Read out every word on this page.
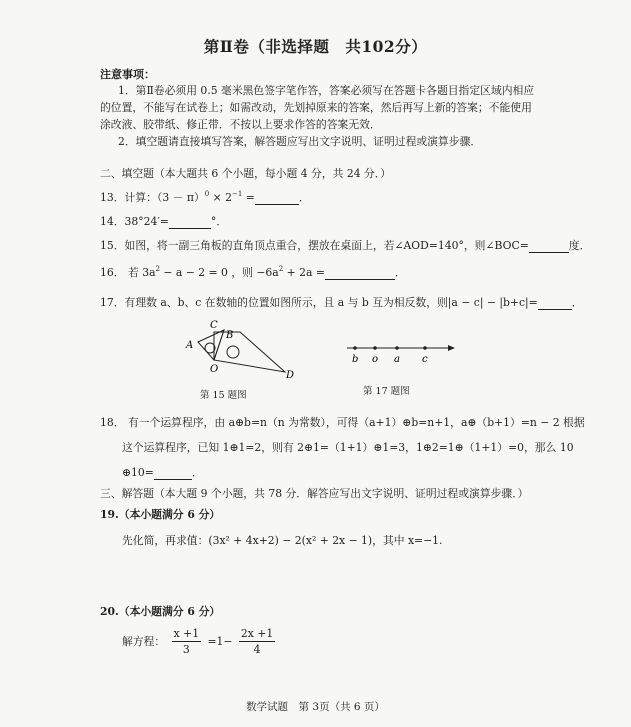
第Ⅱ卷（非选择题　共102分）
注意事项：
1．第Ⅱ卷必须用 0.5 毫米黑色签字笔作答，答案必须写在答题卡各题目指定区域内相应
的位置，不能写在试卷上；如需改动，先划掉原来的答案，然后再写上新的答案；不能使用
涂改液、胶带纸、修正带．不按以上要求作答的答案无效．
2．填空题请直接填写答案，解答题应写出文字说明、证明过程或演算步骤．
二、填空题（本大题共 6 个小题，每小题 4 分，共 24 分．）
13．计算：$(3 - \pi)^0 \times 2^{-1}$ =	．
14．38°24′=	°．
15．如图，将一副三角板的直角顶点重合，摆放在桌面上，若∠AOD=140°，则∠BOC=	度．
16． 若 $3a^2 - a - 2 = 0$ ，则 $-6a^2 + 2a$ =	．
17．有理数 a、b、c 在数轴的位置如图所示，且 a 与 b 互为相反数，则|a − c| − |b+c|=	．
C
B
A
O
D
第 15 题图
b o a c
第 17 题图
18． 有一个运算程序，由 a⊕b=n（n 为常数），可得（a+1）⊕b=n+1，a⊕（b+1）=n − 2 根据
这个运算程序，已知 1⊕1=2，则有 2⊕1=（1+1）⊕1=3，1⊕2=1⊕（1+1）=0，那么 10
⊕10=	．
三、解答题（本大题 9 个小题，共 78 分．解答应写出文字说明、证明过程或演算步骤．）
19.（本小题满分 6 分）
先化简，再求值：(3x² + 4x+2) − 2(x² + 2x − 1)，其中 x=−1.
20.（本小题满分 6 分）
解方程： $\frac{x +1}{3} =1- \frac{2x +1}{4}$
数学试题　第 3页（共 6 页）
